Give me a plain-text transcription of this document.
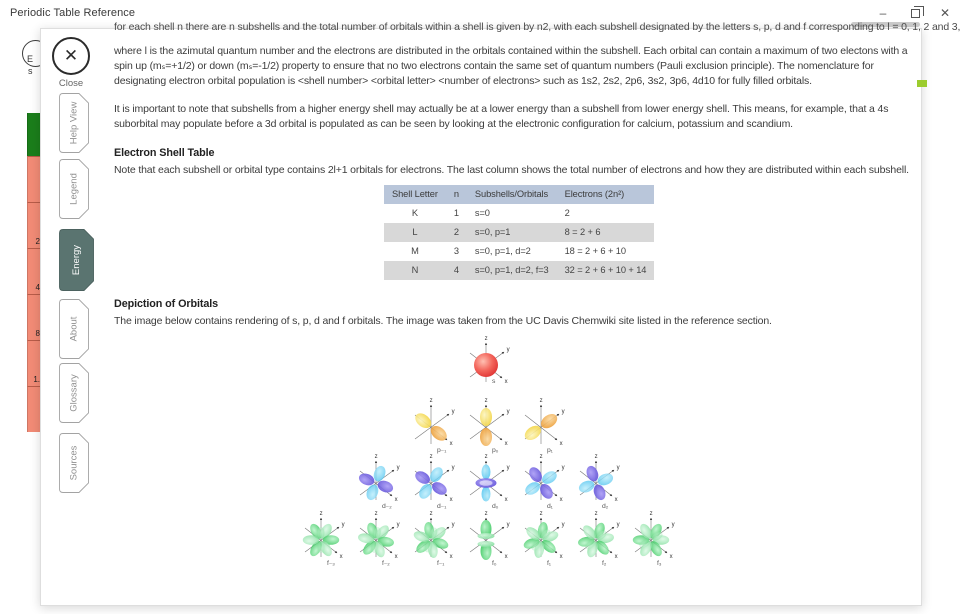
Periodic Table Reference	–	✕
E
s
2
4
8
1.
✕
Close
Help View
Legend
Energy
About
Glossary
Sources
for each shell n there are n subshells and the total number of orbitals within a shell is given by n2, with each subshell designated by the letters s, p, d and f corresponding to l = 0, 1, 2 and 3,
where l is the azimutal quantum number and the electrons are distributed in the orbitals contained within the subshell. Each orbital can contain a maximum of two electons with a spin up (mₛ=+1/2) or down (mₛ=-1/2) property to ensure that no two electrons contain the same set of quantum numbers (Pauli exclusion principle). The nomenclature for designating electron orbital population is <shell number> <orbital letter> <number of electrons> such as 1s2, 2s2, 2p6, 3s2, 3p6, 4d10 for fully filled orbitals.
It is important to note that subshells from a higher energy shell may actually be at a lower energy than a subshell from lower energy shell. This means, for example, that a 4s suborbital may populate before a 3d orbital is populated as can be seen by looking at the electronic configuration for calcium, potassium and scandium.
Electron Shell Table
Note that each subshell or orbital type contains 2l+1 orbitals for electrons. The last column shows the total number of electrons and how they are distributed within each subshell.
Shell Letter	n	Subshells/Orbitals	Electrons (2n²)
K	1	s=0	2
L	2	s=0, p=1	8 = 2 + 6
M	3	s=0, p=1, d=2	18 = 2 + 6 + 10
N	4	s=0, p=1, d=2, f=3	32 = 2 + 6 + 10 + 14
Depiction of Orbitals
The image below contains rendering of s, p, d and f orbitals. The image was taken from the UC Davis Chemwiki site listed in the reference section.
z
y
x
s
z
y
x
p₋₁
z
y
x
p₀
z
y
x
p₁
z
y
x
d₋₂
z
y
x
d₋₁
z
y
x
d₀
z
y
x
d₁
z
y
x
d₂
z
y
x
f₋₃
z
y
x
f₋₂
z
y
x
f₋₁
z
y
x
f₀
z
y
x
f₁
z
y
x
f₂
z
y
x
f₃
